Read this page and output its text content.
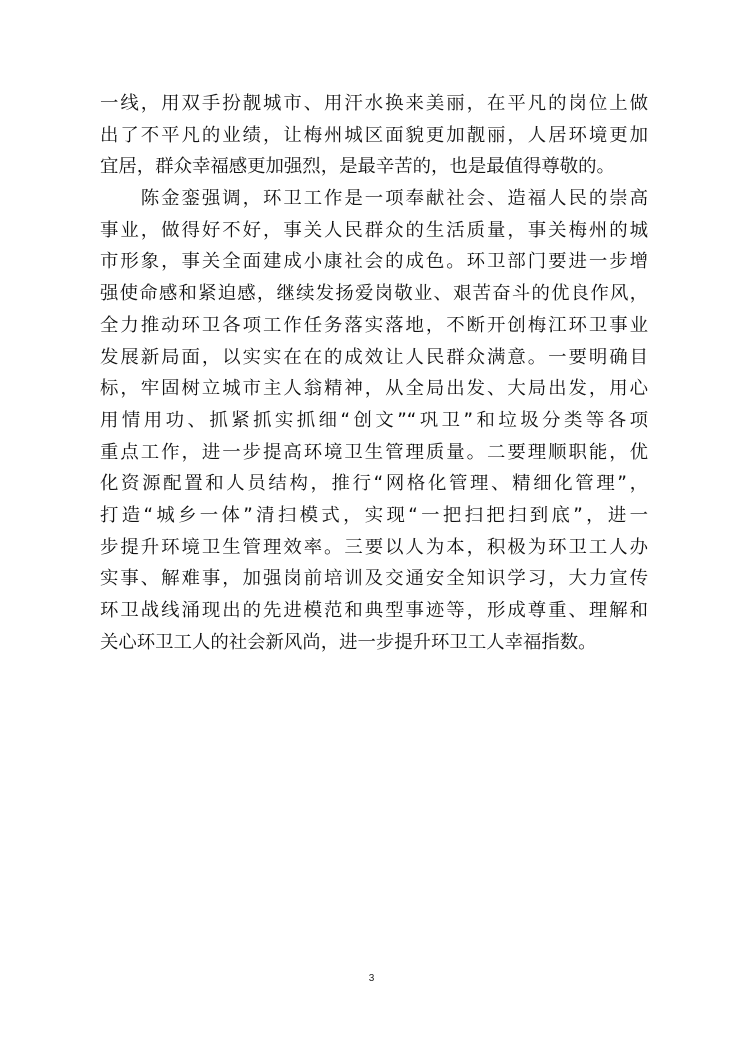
一线，用双手扮靓城市、用汗水换来美丽，在平凡的岗位上做
出了不平凡的业绩，让梅州城区面貌更加靓丽，人居环境更加
宜居，群众幸福感更加强烈，是最辛苦的，也是最值得尊敬的。
　　陈金銮强调，环卫工作是一项奉献社会、造福人民的崇高
事业，做得好不好，事关人民群众的生活质量，事关梅州的城
市形象，事关全面建成小康社会的成色。环卫部门要进一步增
强使命感和紧迫感，继续发扬爱岗敬业、艰苦奋斗的优良作风，
全力推动环卫各项工作任务落实落地，不断开创梅江环卫事业
发展新局面，以实实在在的成效让人民群众满意。一要明确目
标，牢固树立城市主人翁精神，从全局出发、大局出发，用心
用情用功、抓紧抓实抓细“创文”“巩卫”和垃圾分类等各项
重点工作，进一步提高环境卫生管理质量。二要理顺职能，优
化资源配置和人员结构，推行“网格化管理、精细化管理”，
打造“城乡一体”清扫模式，实现“一把扫把扫到底”，进一
步提升环境卫生管理效率。三要以人为本，积极为环卫工人办
实事、解难事，加强岗前培训及交通安全知识学习，大力宣传
环卫战线涌现出的先进模范和典型事迹等，形成尊重、理解和
关心环卫工人的社会新风尚，进一步提升环卫工人幸福指数。
3
